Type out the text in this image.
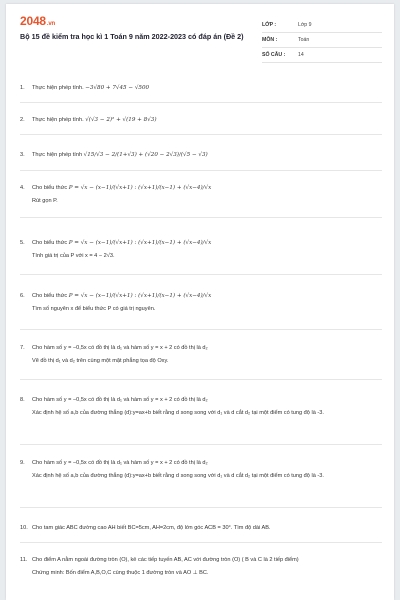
2048.vn
Bộ 15 đề kiểm tra học kì 1 Toán 9 năm 2022-2023 có đáp án (Đề 2)
LỚP :	Lớp 9
MÔN :	Toán
SỐ CÂU : 14
1. Thực hiện phép tính. −3√80 + 7√45 − √500
2. Thực hiện phép tính. √(√3 − 2)² + √(19 + 8√3)
3. Thực hiện phép tính √15/√3 − 2/(1+√3) + (√20 − 2√3)/(√5 − √3)
4. Cho biểu thức P = √x − (x−1)/(√x+1) : (√x+1)/(x−1) + (√x−4)/√x
Rút gọn P.
5. Cho biểu thức P = √x − (x−1)/(√x+1) : (√x+1)/(x−1) + (√x−4)/√x
Tính giá trị của P với x = 4 − 2√3.
6. Cho biểu thức P = √x − (x−1)/(√x+1) : (√x+1)/(x−1) + (√x−4)/√x
Tìm số nguyên x để biểu thức P có giá trị nguyên.
7. Cho hàm số y = −0,5x có đồ thị là d₁ và hàm số y = x + 2 có đồ thị là d₂
Vẽ đồ thị d₁ và d₂ trên cùng một mặt phẳng tọa độ Oxy.
8. Cho hàm số y = −0,5x có đồ thị là d₁ và hàm số y = x + 2 có đồ thị là d₂
Xác định hệ số a,b của đường thẳng (d):y=ax+b biết rằng d song song với d₁ và d cắt d₂ tại một điểm có tung độ là -3.
9. Cho hàm số y = −0,5x có đồ thị là d₁ và hàm số y = x + 2 có đồ thị là d₂
Xác định hệ số a,b của đường thẳng (d):y=ax+b biết rằng d song song với d₁ và d cắt d₂ tại một điểm có tung độ là -3.
10. Cho tam giác ABC đường cao AH biết BC=5cm, AH=2cm, độ lớn góc ACB = 30°. Tìm độ dài AB.
11. Cho điểm A nằm ngoài đường tròn (O), kẻ các tiếp tuyến AB, AC với đường tròn (O) ( B và C là 2 tiếp điểm)
Chứng minh: Bốn điểm A,B,O,C cùng thuộc 1 đường tròn và AO ⊥ BC.
